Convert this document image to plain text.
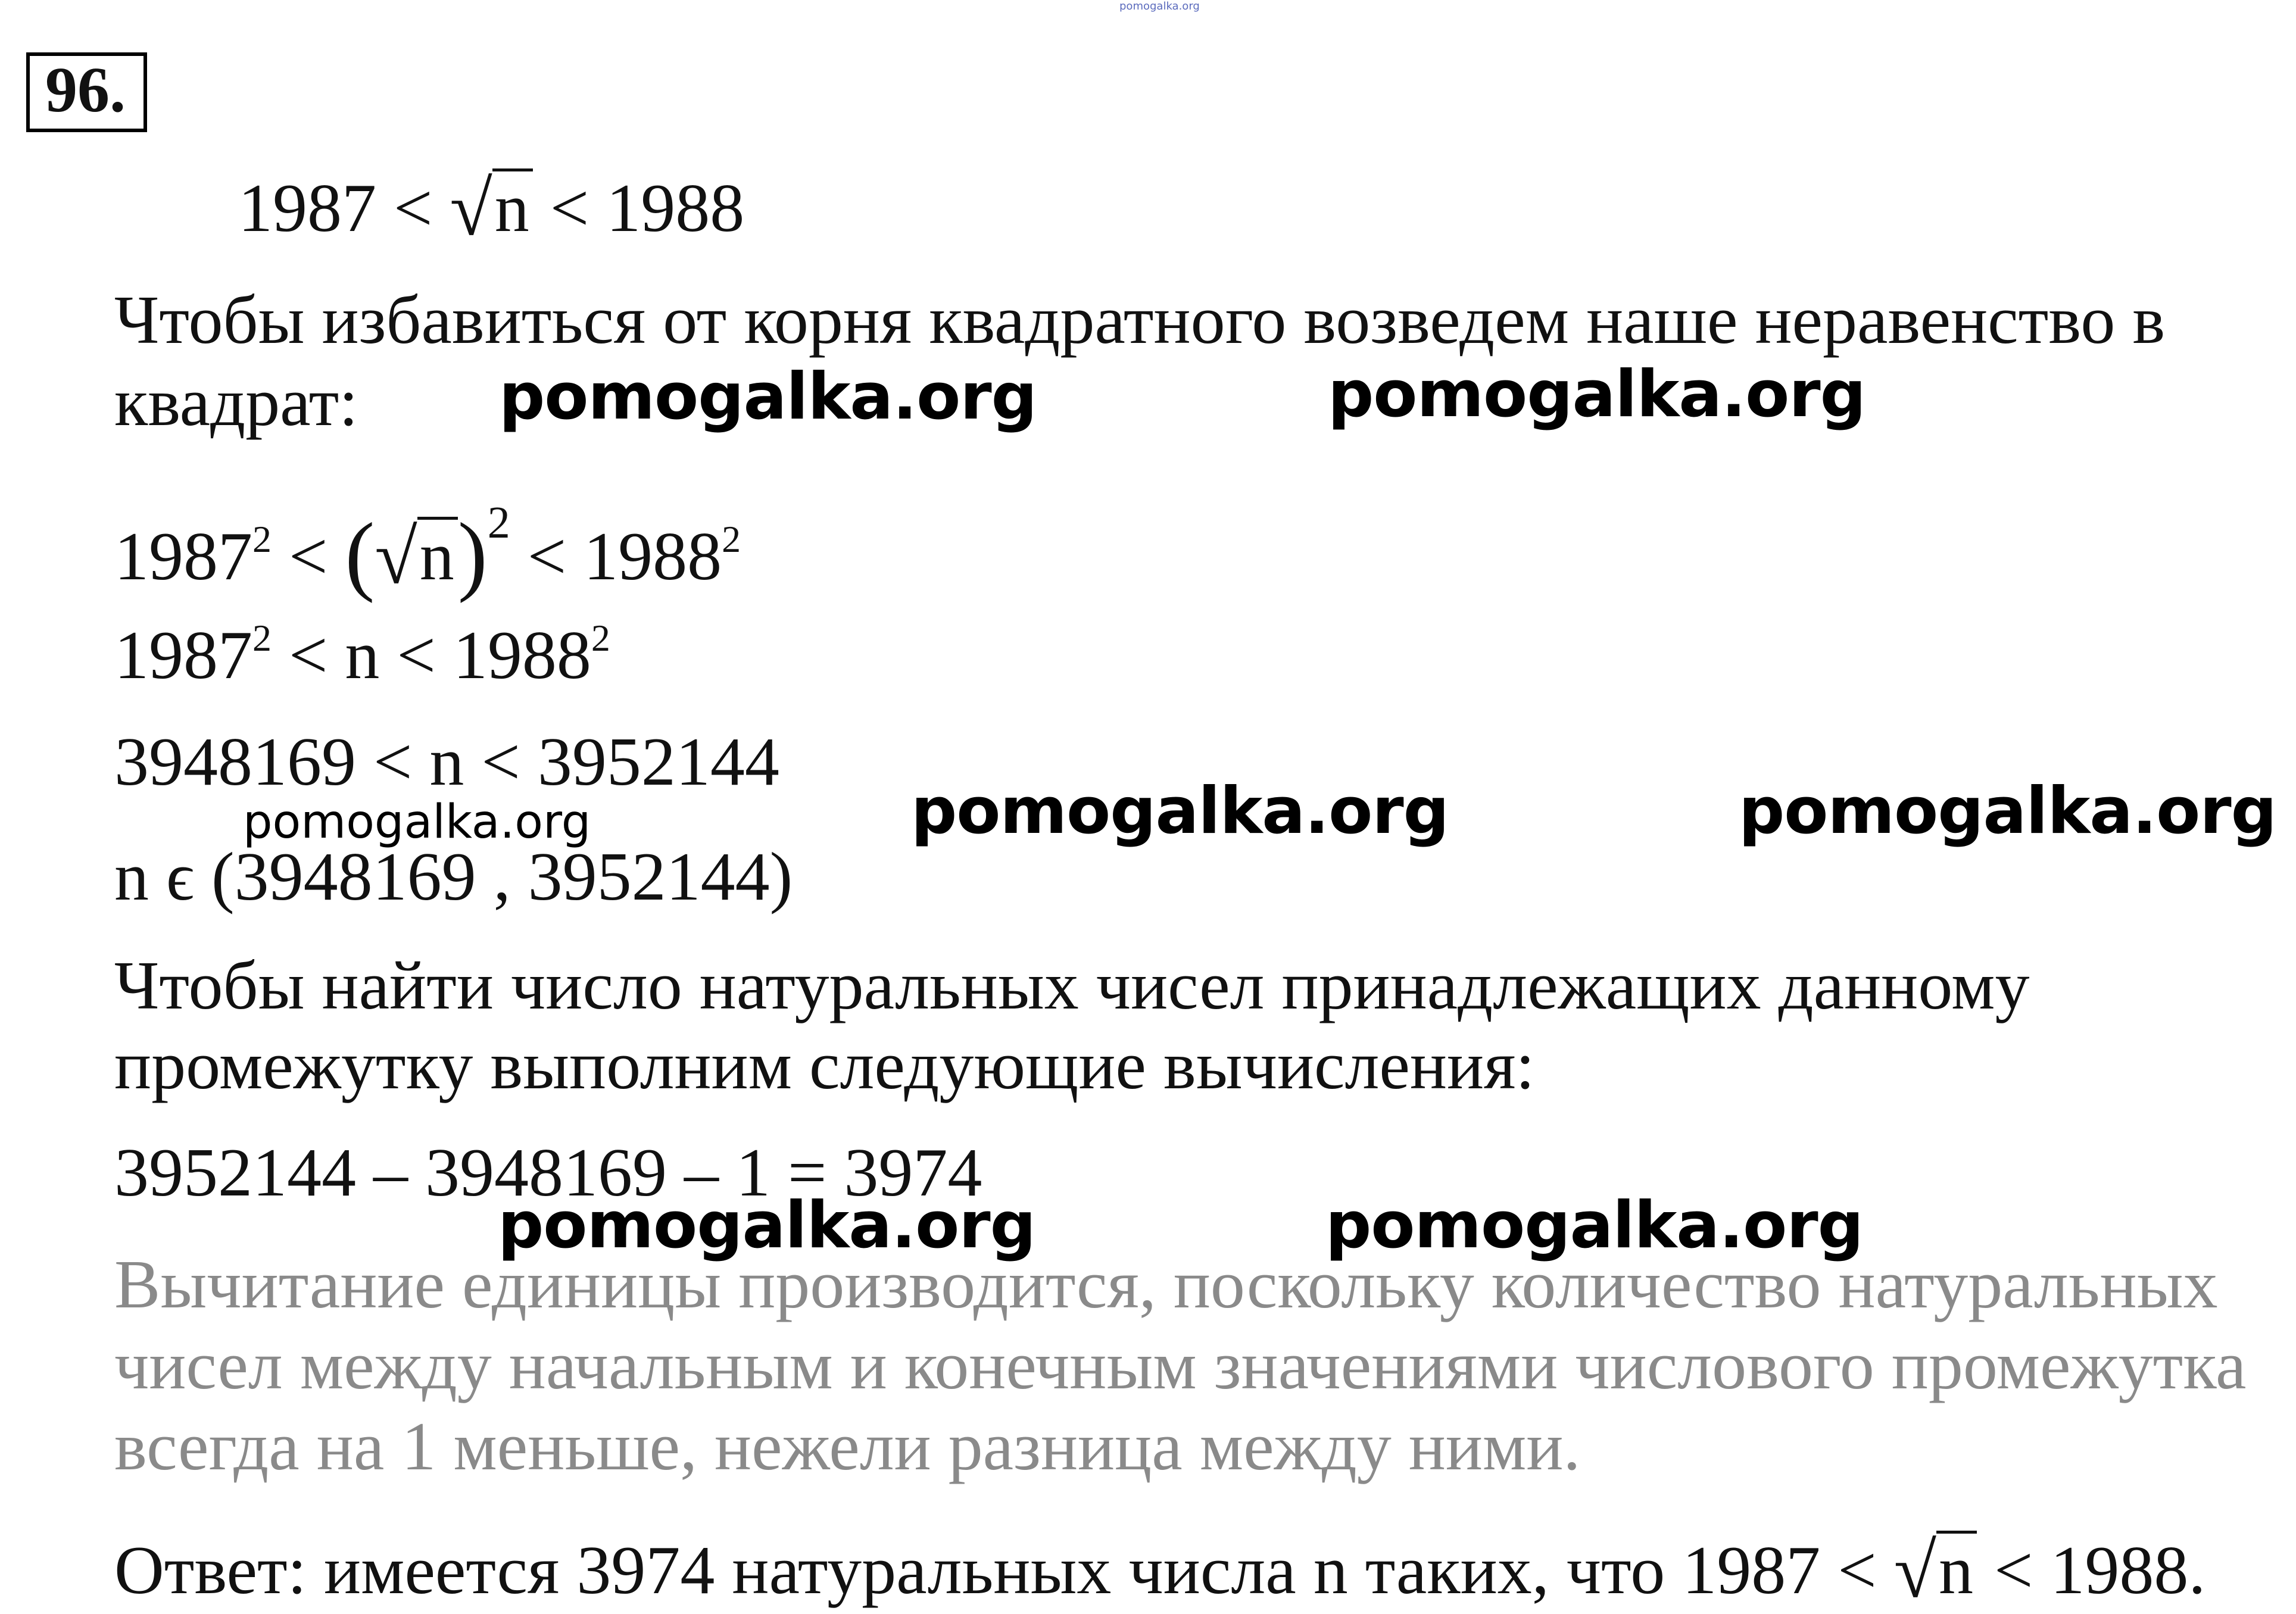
pomogalka.org
96.
1987 < √n < 1988
Чтобы избавиться от корня квадратного возведем наше неравенство в
квадрат:
$1987^2 < (√n)^2 < 1988^2$
$1987^2 < n < 1988^2$
3948169 < n < 3952144
n ϵ (3948169 , 3952144)
Чтобы найти число натуральных чисел принадлежащих данному
промежутку выполним следующие вычисления:
3952144 – 3948169 – 1 = 3974
Вычитание единицы производится, поскольку количество натуральных
чисел между начальным и конечным значениями числового промежутка
всегда на 1 меньше, нежели разница между ними.
Ответ: имеется 3974 натуральных числа n таких, что 1987 < √n < 1988.
pomogalka.org	pomogalka.org
pomogalka.org	pomogalka.org	pomogalka.org
pomogalka.org	pomogalka.org
